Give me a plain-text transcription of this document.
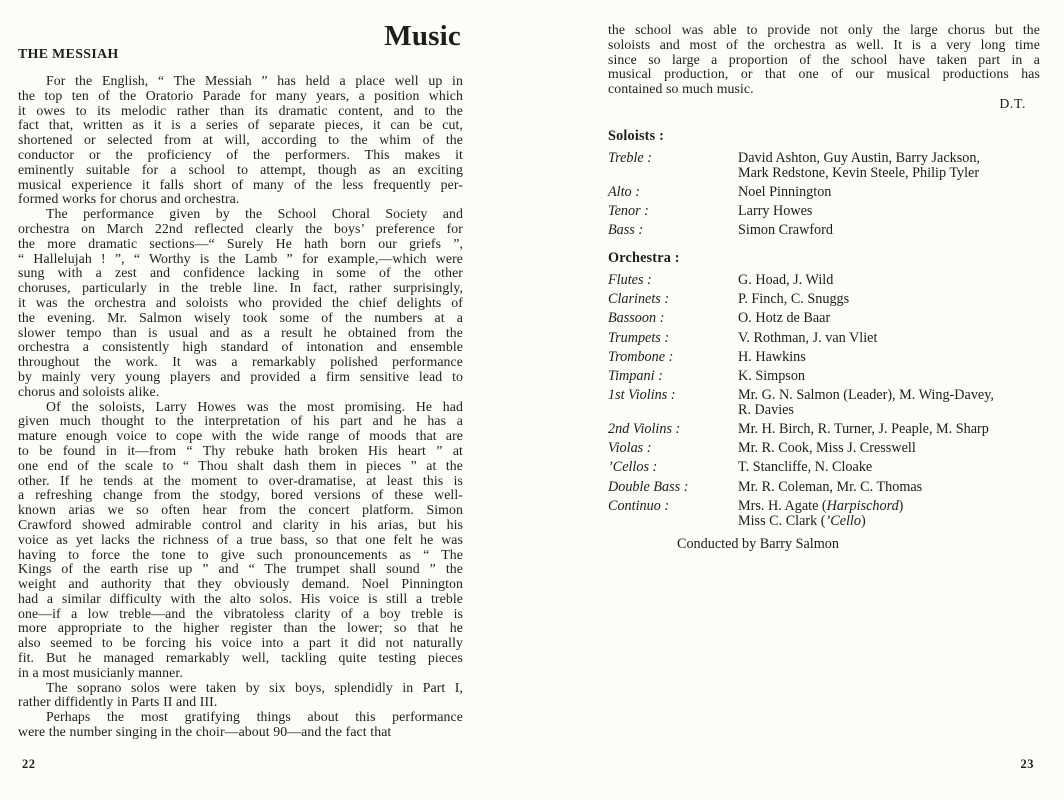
Music
THE MESSIAH
For the English, “ The Messiah ” has held a place well up in
the top ten of the Oratorio Parade for many years, a position which
it owes to its melodic rather than its dramatic content, and to the
fact that, written as it is a series of separate pieces, it can be cut,
shortened or selected from at will, according to the whim of the
conductor or the proficiency of the performers. This makes it
eminently suitable for a school to attempt, though as an exciting
musical experience it falls short of many of the less frequently per-
formed works for chorus and orchestra.
The performance given by the School Choral Society and
orchestra on March 22nd reflected clearly the boys’ preference for
the more dramatic sections—“ Surely He hath born our griefs ”,
“ Hallelujah ! ”, “ Worthy is the Lamb ” for example,—which were
sung with a zest and confidence lacking in some of the other
choruses, particularly in the treble line. In fact, rather surprisingly,
it was the orchestra and soloists who provided the chief delights of
the evening. Mr. Salmon wisely took some of the numbers at a
slower tempo than is usual and as a result he obtained from the
orchestra a consistently high standard of intonation and ensemble
throughout the work. It was a remarkably polished performance
by mainly very young players and provided a firm sensitive lead to
chorus and soloists alike.
Of the soloists, Larry Howes was the most promising. He had
given much thought to the interpretation of his part and he has a
mature enough voice to cope with the wide range of moods that are
to be found in it—from “ Thy rebuke hath broken His heart ” at
one end of the scale to “ Thou shalt dash them in pieces ” at the
other. If he tends at the moment to over-dramatise, at least this is
a refreshing change from the stodgy, bored versions of these well-
known arias we so often hear from the concert platform. Simon
Crawford showed admirable control and clarity in his arias, but his
voice as yet lacks the richness of a true bass, so that one felt he was
having to force the tone to give such pronouncements as “ The
Kings of the earth rise up ” and “ The trumpet shall sound ” the
weight and authority that they obviously demand. Noel Pinnington
had a similar difficulty with the alto solos. His voice is still a treble
one—if a low treble—and the vibratoless clarity of a boy treble is
more appropriate to the higher register than the lower; so that he
also seemed to be forcing his voice into a part it did not naturally
fit. But he managed remarkably well, tackling quite testing pieces
in a most musicianly manner.
The soprano solos were taken by six boys, splendidly in Part I,
rather diffidently in Parts II and III.
Perhaps the most gratifying things about this performance
were the number singing in the choir—about 90—and the fact that
22
the school was able to provide not only the large chorus but the
soloists and most of the orchestra as well. It is a very long time
since so large a proportion of the school have taken part in a
musical production, or that one of our musical productions has
contained so much music.
D.T.
Soloists :
Treble :	David Ashton, Guy Austin, Barry Jackson,
Mark Redstone, Kevin Steele, Philip Tyler
Alto :	Noel Pinnington
Tenor :	Larry Howes
Bass :	Simon Crawford
Orchestra :
Flutes :	G. Hoad, J. Wild
Clarinets :	P. Finch, C. Snuggs
Bassoon :	O. Hotz de Baar
Trumpets :	V. Rothman, J. van Vliet
Trombone :	H. Hawkins
Timpani :	K. Simpson
1st Violins :	Mr. G. N. Salmon (Leader), M. Wing-Davey,
R. Davies
2nd Violins :	Mr. H. Birch, R. Turner, J. Peaple, M. Sharp
Violas :	Mr. R. Cook, Miss J. Cresswell
’Cellos :	T. Stancliffe, N. Cloake
Double Bass :	Mr. R. Coleman, Mr. C. Thomas
Continuo :	Mrs. H. Agate (Harpischord)
Miss C. Clark (’Cello)
Conducted by Barry Salmon
23
